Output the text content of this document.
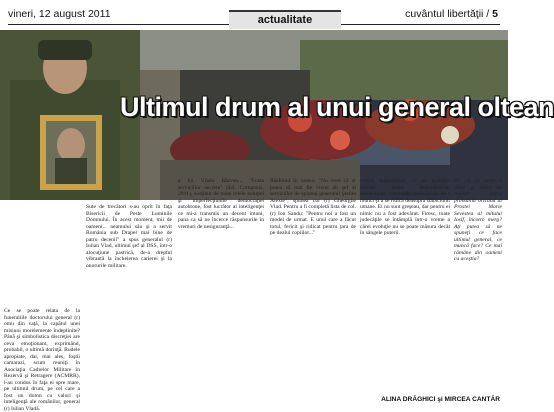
vineri, 12 august 2011	actualitate	cuvântul libertăţii / 5
Ultimul drum al unui general oltean

Ce se poate relata de la funeraliile doctorului general (r) omu din vaţă, la capătul unei misiuni morelemente îndeplinite? Până şi simbolistica discreţiei are ceva emoţionant, exprimând, probabil, o ultimă dorinţă. Rudele apropiate, dar, mai ales, foştii camarazi, scum reuniţi în Asociaţia Cadrelor Militare în Rezervă şi Retragere (ACMRR), l-au condus în faţa ei spre mare, pe ultimul drum, pe cel care a fost un domn cu valori şi inteligenţă ale românilor, general (r) Iulian Vladă.

Sute de trecători s-au oprit în faţa Bisericii de Peste Luminile Domnului. În acest moment, mii de oameni... neamului său şi a servit România sub Drapel mai bine de patru decenii" a spus generalul (r) Iulian Vlad, ultimul şef al DSS, într-o alocuţiune pastrică, de-a dreptul vibrantă la încheierea carierei şi la onorurile militare.

a lui Vladu Răzvan... "Fosta serviciilor secrete" (Ed. Compania, 2011), susţinut de toate relele soluţiei şi imperfecţiunile democraţiei autohtone, fost lucrător ai inteligenţei ce mi-a transmis un decent imuni, pana ca să ne încerce răspunsurile în vremuri de nesiguranţă...

Răsfoind în cartea: "Nu cred că ar putea să mai fie vreun alt şef al serviciilor de spionaj generalul Ştefan Alexie", spunea col (r) Gheorghe Vlad. Pentru a fi completă lista de col. (r) Ion Sandu: "Pentru noi a fost un model de urmat. E unul care a făcut totul, fericit şi ridicat pentru ţara de pe dealul copiilor..."

vremii îndelungate, ci ale probatei morale, marii disponibilităţi intelectuale, capacităţii neobişnuite de a munci şi a se ridica deasupra slăbiciunii umane. Ei nu sunt greşeau, dar pentru ei nimic nu a fost adevărat. Firesc, toate judecăţile se întâmplă într-o vreme a cărei evoluţie nu se poate măsura decât în sângele puterii.

Pe cât de mare e sătul şi atâtă de regăsit într-o probabilă oricând al Prostei Marie Sevestea al mitului Iosif, încotro merg? Aţi putea să ne spuneţi ce face ultimul general, ce muncă face? Ce mai rămâne din oameni ca aceştia?

ALINA DRĂGHICI şi MIRCEA CANTĂR
